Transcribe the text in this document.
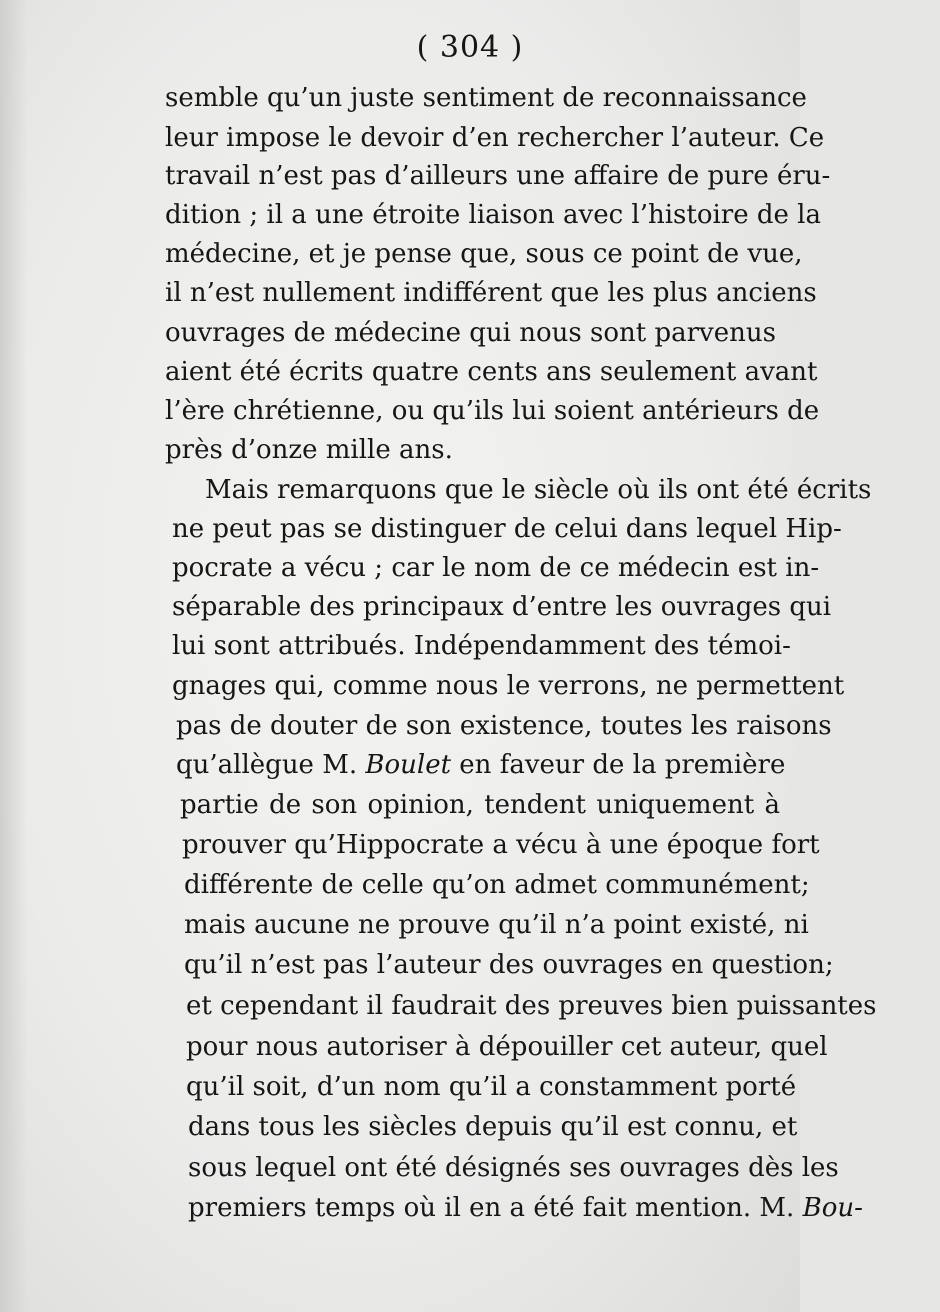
( 304 )
semble qu’un juste sentiment de reconnaissance
leur impose le devoir d’en rechercher l’auteur. Ce
travail n’est pas d’ailleurs une affaire de pure éru-
dition ; il a une étroite liaison avec l’histoire de la
médecine, et je pense que, sous ce point de vue,
il n’est nullement indifférent que les plus anciens
ouvrages de médecine qui nous sont parvenus
aient été écrits quatre cents ans seulement avant
l’ère chrétienne, ou qu’ils lui soient antérieurs de
près d’onze mille ans.
Mais remarquons que le siècle où ils ont été écrits
ne peut pas se distinguer de celui dans lequel Hip-
pocrate a vécu ; car le nom de ce médecin est in-
séparable des principaux d’entre les ouvrages qui
lui sont attribués. Indépendamment des témoi-
gnages qui, comme nous le verrons, ne permettent
pas de douter de son existence, toutes les raisons
qu’allègue M. Boulet en faveur de la première
partie de son opinion, tendent uniquement à
prouver qu’Hippocrate a vécu à une époque fort
différente de celle qu’on admet communément;
mais aucune ne prouve qu’il n’a point existé, ni
qu’il n’est pas l’auteur des ouvrages en question;
et cependant il faudrait des preuves bien puissantes
pour nous autoriser à dépouiller cet auteur, quel
qu’il soit, d’un nom qu’il a constamment porté
dans tous les siècles depuis qu’il est connu, et
sous lequel ont été désignés ses ouvrages dès les
premiers temps où il en a été fait mention. M. Bou-
